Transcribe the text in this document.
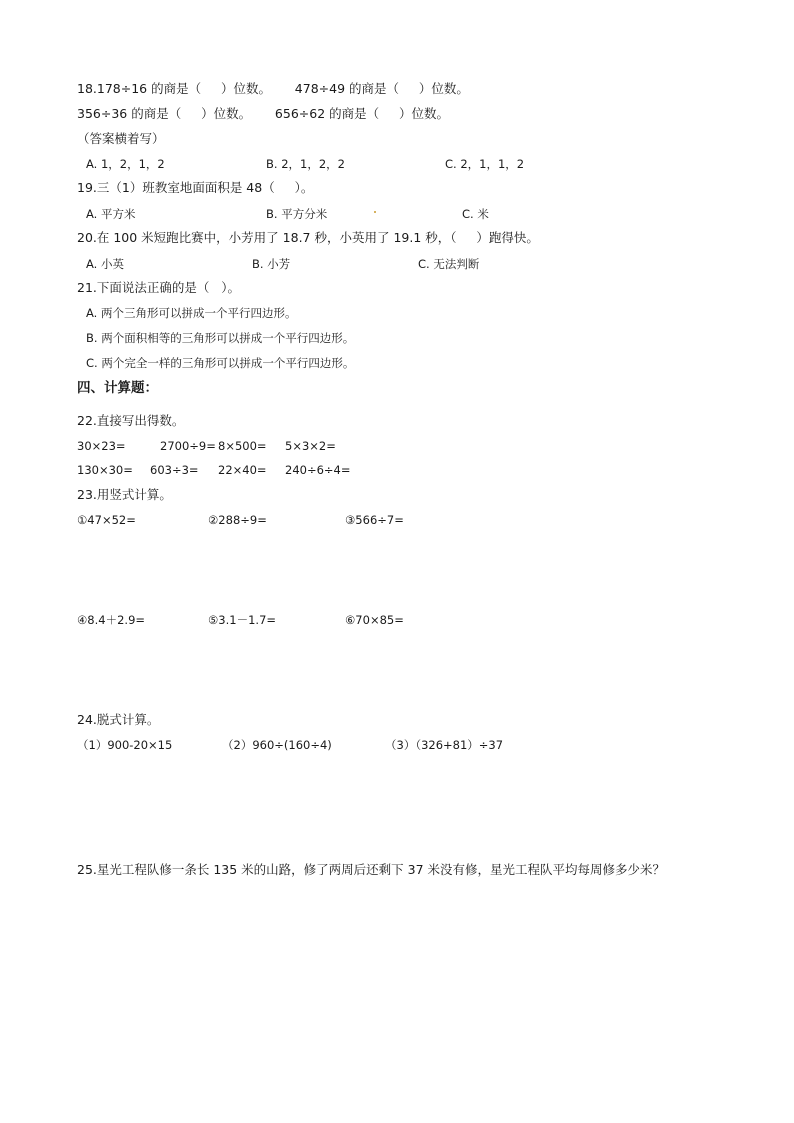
18.178÷16 的商是（     ）位数。      478÷49 的商是（     ）位数。
356÷36 的商是（     ）位数。      656÷62 的商是（     ）位数。
（答案横着写）
A. 1，2，1，2	B. 2，1，2，2	C. 2，1，1，2
19.三（1）班教室地面面积是 48（     ）。
A. 平方米	B. 平方分米	C. 米
20.在 100 米短跑比赛中，小芳用了 18.7 秒，小英用了 19.1 秒，（     ）跑得快。
A. 小英	B. 小芳	C. 无法判断
21.下面说法正确的是（   ）。
A. 两个三角形可以拼成一个平行四边形。
B. 两个面积相等的三角形可以拼成一个平行四边形。
C. 两个完全一样的三角形可以拼成一个平行四边形。
四、计算题：
22.直接写出得数。
30×23=	2700÷9= 8×500= 5×3×2=
130×30= 603÷3= 22×40= 240÷6÷4=
23.用竖式计算。
①47×52=	②288÷9=	③566÷7=
④8.4＋2.9=	⑤3.1－1.7=	⑥70×85=
24.脱式计算。
（1）900-20×15	（2）960÷(160÷4)	（3）（326+81）÷37
25.星光工程队修一条长 135 米的山路，修了两周后还剩下 37 米没有修，星光工程队平均每周修多少米？
